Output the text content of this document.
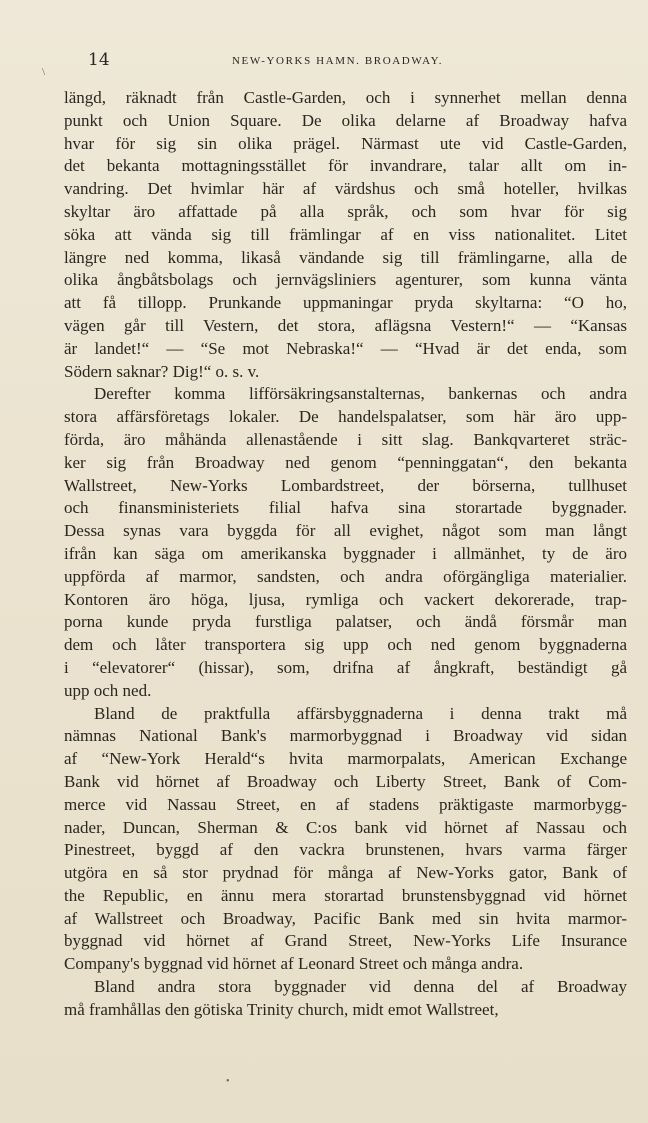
14	NEW-YORKS HAMN. BROADWAY.
\
längd, räknadt från Castle-Garden, och i synnerhet mellan denna
punkt och Union Square. De olika delarne af Broadway hafva
hvar för sig sin olika prägel. Närmast ute vid Castle-Garden,
det bekanta mottagningsstället för invandrare, talar allt om in-
vandring. Det hvimlar här af värdshus och små hoteller, hvilkas
skyltar äro affattade på alla språk, och som hvar för sig
söka att vända sig till främlingar af en viss nationalitet. Litet
längre ned komma, likaså vändande sig till främlingarne, alla de
olika ångbåtsbolags och jernvägsliniers agenturer, som kunna vänta
att få tillopp. Prunkande uppmaningar pryda skyltarna: “O ho,
vägen går till Vestern, det stora, aflägsna Vestern!“ — “Kansas
är landet!“ — “Se mot Nebraska!“ — “Hvad är det enda, som
Södern saknar? Dig!“ o. s. v.
Derefter komma lifförsäkringsanstalternas, bankernas och andra
stora affärsföretags lokaler. De handelspalatser, som här äro upp-
förda, äro måhända allenastående i sitt slag. Bankqvarteret sträc-
ker sig från Broadway ned genom “penninggatan“, den bekanta
Wallstreet, New-Yorks Lombardstreet, der börserna, tullhuset
och finansministeriets filial hafva sina storartade byggnader.
Dessa synas vara byggda för all evighet, något som man långt
ifrån kan säga om amerikanska byggnader i allmänhet, ty de äro
uppförda af marmor, sandsten, och andra oförgängliga materialier.
Kontoren äro höga, ljusa, rymliga och vackert dekorerade, trap-
porna kunde pryda furstliga palatser, och ändå försmår man
dem och låter transportera sig upp och ned genom byggnaderna
i “elevatorer“ (hissar), som, drifna af ångkraft, beständigt gå
upp och ned.
Bland de praktfulla affärsbyggnaderna i denna trakt må
nämnas National Bank's marmorbyggnad i Broadway vid sidan
af “New-York Herald“s hvita marmorpalats, American Exchange
Bank vid hörnet af Broadway och Liberty Street, Bank of Com-
merce vid Nassau Street, en af stadens präktigaste marmorbygg-
nader, Duncan, Sherman & C:os bank vid hörnet af Nassau och
Pinestreet, byggd af den vackra brunstenen, hvars varma färger
utgöra en så stor prydnad för många af New-Yorks gator, Bank of
the Republic, en ännu mera storartad brunstensbyggnad vid hörnet
af Wallstreet och Broadway, Pacific Bank med sin hvita marmor-
byggnad vid hörnet af Grand Street, New-Yorks Life Insurance
Company's byggnad vid hörnet af Leonard Street och många andra.
Bland andra stora byggnader vid denna del af Broadway
må framhållas den götiska Trinity church, midt emot Wallstreet,
•
